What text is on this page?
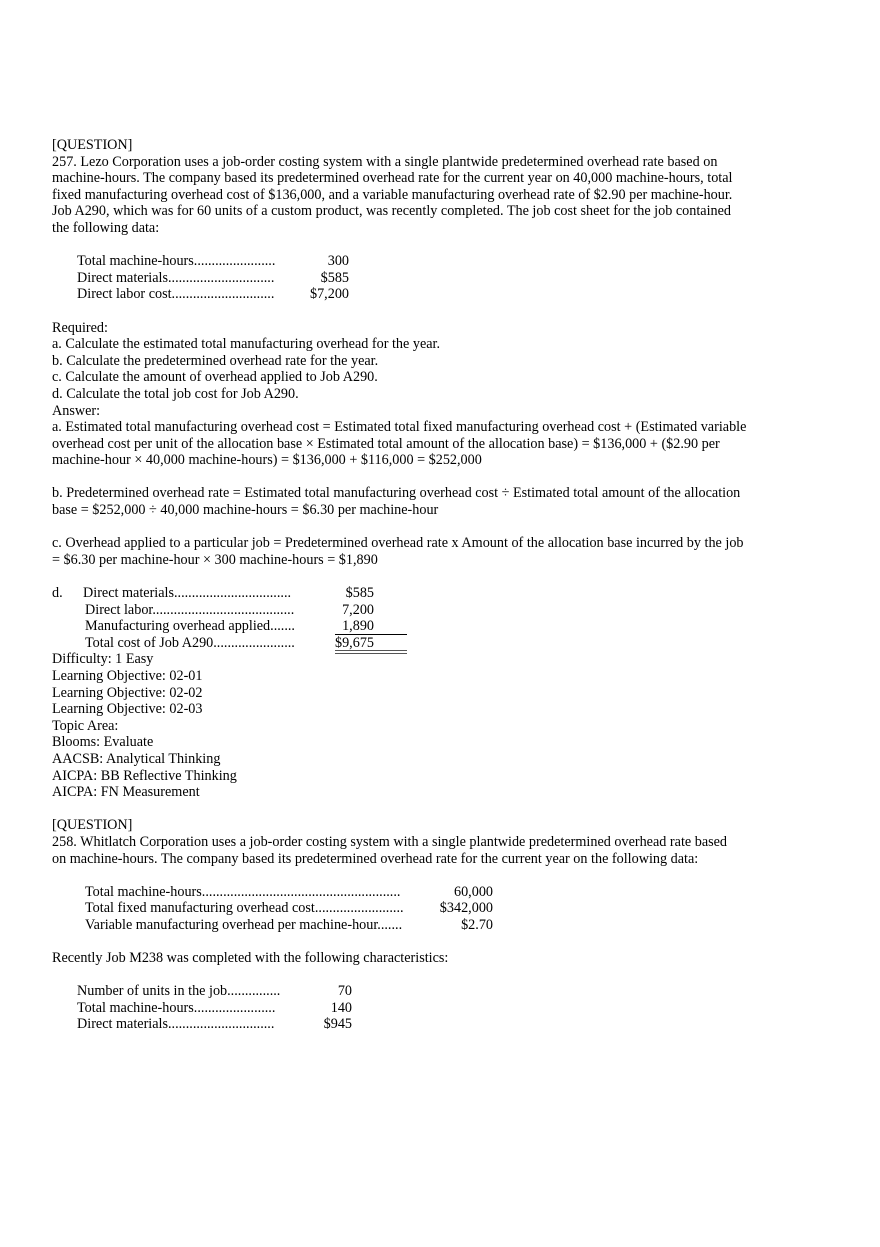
[QUESTION]
257. Lezo Corporation uses a job-order costing system with a single plantwide predetermined overhead rate based on
machine-hours. The company based its predetermined overhead rate for the current year on 40,000 machine-hours, total
fixed manufacturing overhead cost of $136,000, and a variable manufacturing overhead rate of $2.90 per machine-hour.
Job A290, which was for 60 units of a custom product, was recently completed. The job cost sheet for the job contained
the following data:
Total machine-hours.......................	300
Direct materials..............................	$585
Direct labor cost.............................	$7,200
Required:
a. Calculate the estimated total manufacturing overhead for the year.
b. Calculate the predetermined overhead rate for the year.
c. Calculate the amount of overhead applied to Job A290.
d. Calculate the total job cost for Job A290.
Answer:
a. Estimated total manufacturing overhead cost = Estimated total fixed manufacturing overhead cost + (Estimated variable
overhead cost per unit of the allocation base × Estimated total amount of the allocation base) = $136,000 + ($2.90 per
machine-hour × 40,000 machine-hours) = $136,000 + $116,000 = $252,000
b. Predetermined overhead rate = Estimated total manufacturing overhead cost ÷ Estimated total amount of the allocation
base = $252,000 ÷ 40,000 machine-hours = $6.30 per machine-hour
c. Overhead applied to a particular job = Predetermined overhead rate x Amount of the allocation base incurred by the job
= $6.30 per machine-hour × 300 machine-hours = $1,890
d. Direct materials.................................	$585
Direct labor........................................	7,200
Manufacturing overhead applied.......	1,890
Total cost of Job A290.......................	$9,675
Difficulty: 1 Easy
Learning Objective: 02-01
Learning Objective: 02-02
Learning Objective: 02-03
Topic Area:
Blooms: Evaluate
AACSB: Analytical Thinking
AICPA: BB Reflective Thinking
AICPA: FN Measurement
[QUESTION]
258. Whitlatch Corporation uses a job-order costing system with a single plantwide predetermined overhead rate based
on machine-hours. The company based its predetermined overhead rate for the current year on the following data:
Total machine-hours........................................................	60,000
Total fixed manufacturing overhead cost.........................	$342,000
Variable manufacturing overhead per machine-hour.......	$2.70
Recently Job M238 was completed with the following characteristics:
Number of units in the job...............	70
Total machine-hours.......................	140
Direct materials..............................	$945
